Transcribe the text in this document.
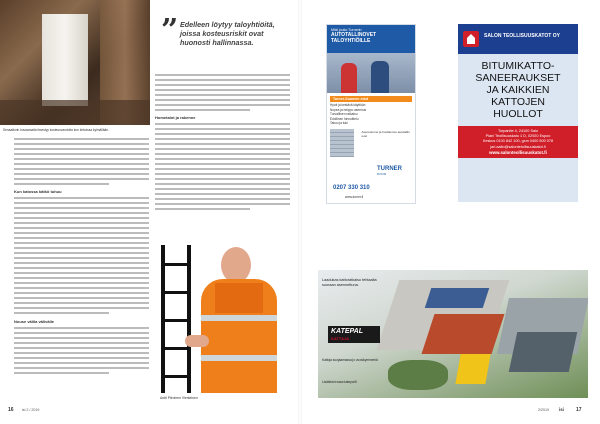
Senaattorin kuvaamalta ilmestyy kosteusvaurioita kun kirkoissa kylmällään.
” Edelleen löytyy taloyhtiöitä, joissa kosteusriskit ovat huonosti hallinnassa.
Kun katossa kätkö tuhuu
Nouse väilla välivälle
Hometalot ja rakenne
Antti Piiroinen Vierkeinen
16 isi 2 / 2019
Mitä jouko Turnerin
AUTOTALLINOVET TALOYHTIÖILLE
Turner-Suomen edut
Hyvä ja kestävä käyttöön
Nopea ja helppo asennus
Turvallinen ratkaisu
Edullinen hinnoittelu
Takuu ja tuki
Asennamme ja huollamme autotallin ovet
0207 330 310
TURNER
DOOR
www.turner.fi
SALON TEOLLISUUSKATOT OY
BITUMIKATTO-
SANEERAUKSET
JA KAIKKIEN
KATTOJEN
HUOLLOT
Torpantie 4, 24100 Salo
Piani Teollisuuskatu 1 D, 02920 Espoo
Keskus 0103 842 100, gsm 0400 500 078
jari.aalto@salontetollisuuskatot.fi
www.salonteollisuuskatot.fi
Laadukas kattoratkaisu tehtaalta suoraan asennettuna.
KATEPAL
KATTAJA
Kattoja suojaamassa jo vuosikymmeniä
Lisätiedot www.katepal.fi
2/2019 isi 17
